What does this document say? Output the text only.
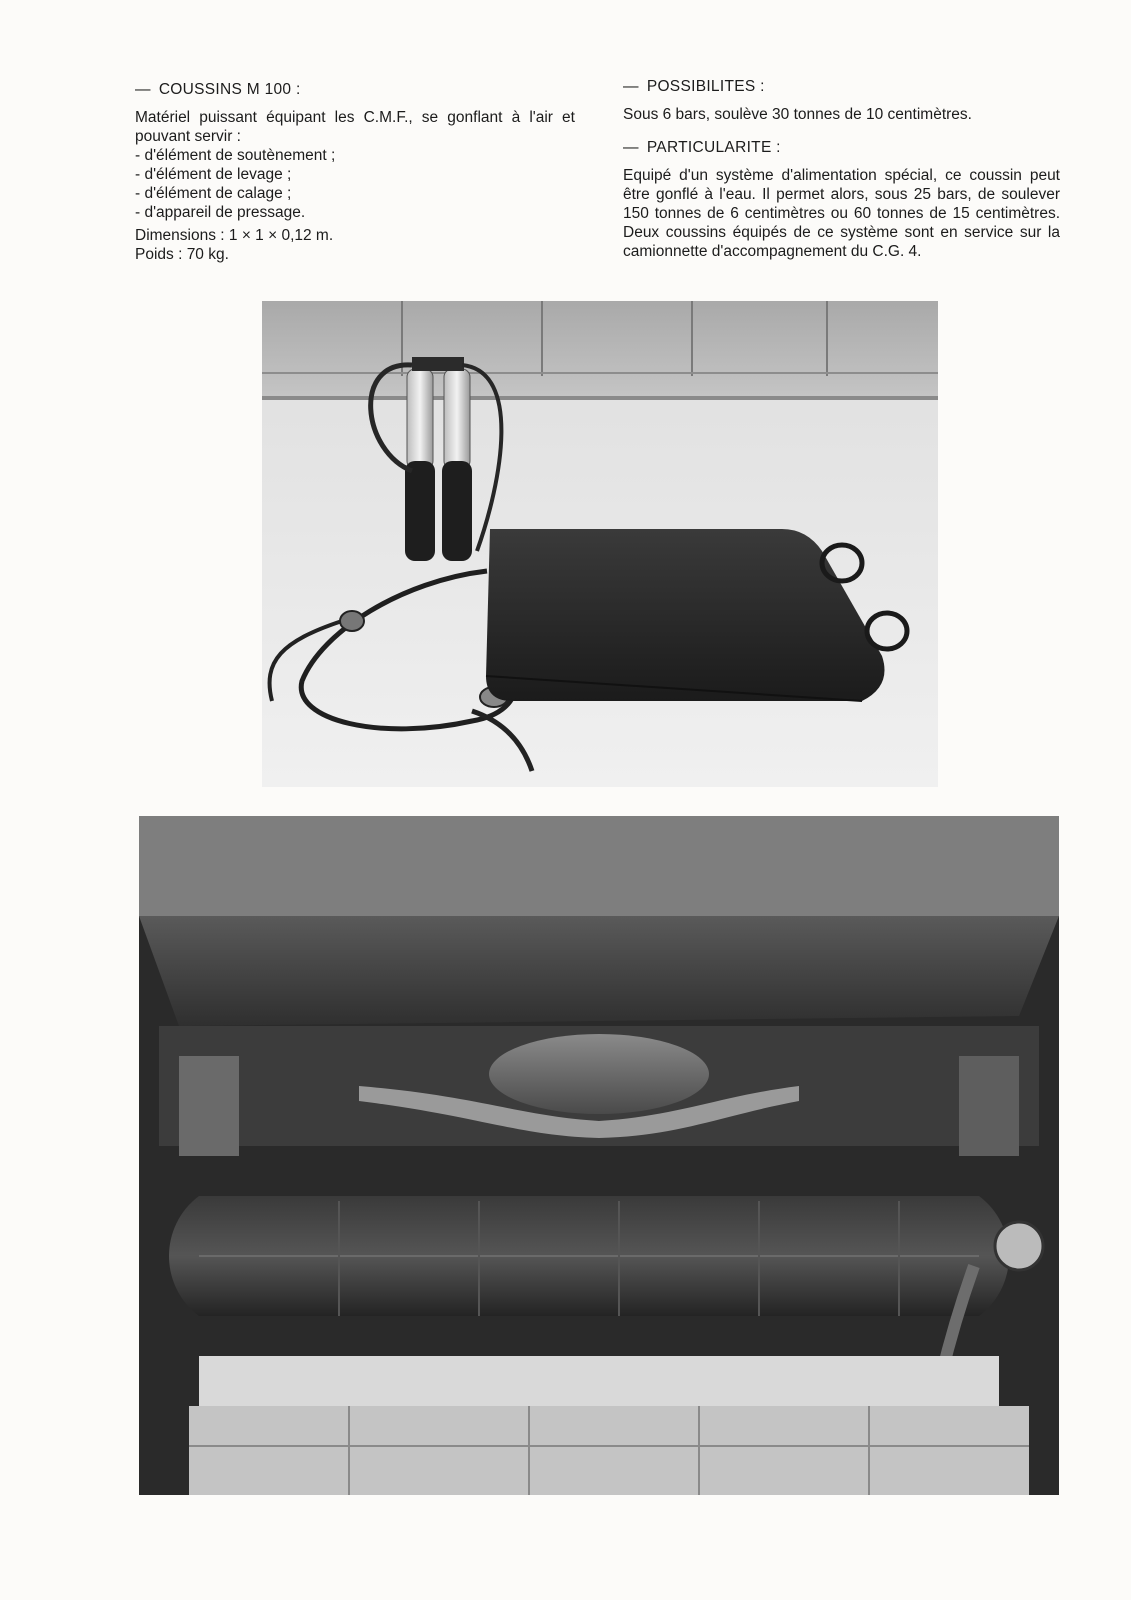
— COUSSINS M 100 :

Matériel puissant équipant les C.M.F., se gonflant à l'air et pouvant servir :

- d'élément de soutènement ;
- d'élément de levage ;
- d'élément de calage ;
- d'appareil de pressage.
Dimensions : 1 × 1 × 0,12 m.
Poids : 70 kg.

— POSSIBILITES :

Sous 6 bars, soulève 30 tonnes de 10 centimètres.

— PARTICULARITE :

Equipé d'un système d'alimentation spécial, ce coussin peut être gonflé à l'eau. Il permet alors, sous 25 bars, de soulever 150 tonnes de 6 centimètres ou 60 tonnes de 15 centimètres. Deux coussins équipés de ce système sont en service sur la camionnette d'accompagnement du C.G. 4.
